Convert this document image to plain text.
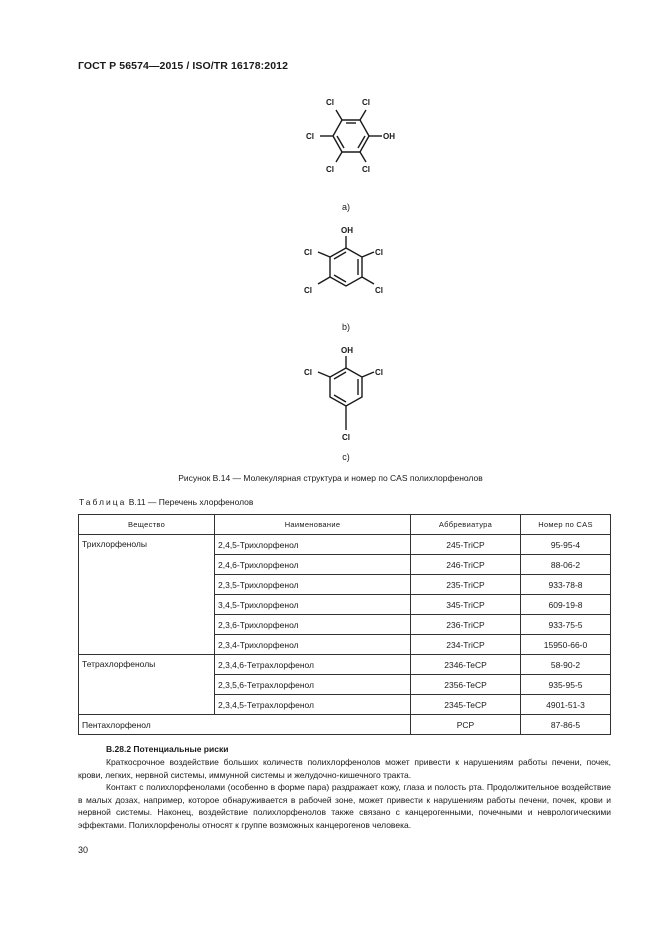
ГОСТ Р 56574—2015 / ISO/TR 16178:2012
Cl	Cl
Cl	OH
Cl	Cl
a)
OH
Cl
Cl
Cl
Cl
b)
OH
Cl
Cl
Cl
c)
Рисунок В.14 — Молекулярная структура и номер по CAS полихлорфенолов
Таблица В.11 — Перечень хлорфенолов
Вещество	Наименование	Аббревиатура	Номер по CAS
Трихлорфенолы	2,4,5-Трихлорфенол	245-TriCP	95-95-4
	2,4,6-Трихлорфенол	246-TriCP	88-06-2
	2,3,5-Трихлорфенол	235-TriCP	933-78-8
	3,4,5-Трихлорфенол	345-TriCP	609-19-8
	2,3,6-Трихлорфенол	236-TriCP	933-75-5
	2,3,4-Трихлорфенол	234-TriCP	15950-66-0
Тетрахлорфенолы	2,3,4,6-Тетрахлорфенол	2346-TeCP	58-90-2
	2,3,5,6-Тетрахлорфенол	2356-TeCP	935-95-5
	2,3,4,5-Тетрахлорфенол	2345-TeCP	4901-51-3
Пентахлорфенол		PCP	87-86-5
В.28.2 Потенциальные риски

Краткосрочное воздействие больших количеств полихлорфенолов может привести к нарушениям работы печени, почек, крови, легких, нервной системы, иммунной системы и желудочно-кишечного тракта.

Контакт с полихлорфенолами (особенно в форме пара) раздражает кожу, глаза и полость рта. Продолжительное воздействие в малых дозах, например, которое обнаруживается в рабочей зоне, может привести к нарушениям работы печени, почек, крови и нервной системы. Наконец, воздействие полихлорфенолов также связано с канцерогенными, почечными и неврологическими эффектами. Полихлорфенолы относят к группе возможных канцерогенов человека.

30
